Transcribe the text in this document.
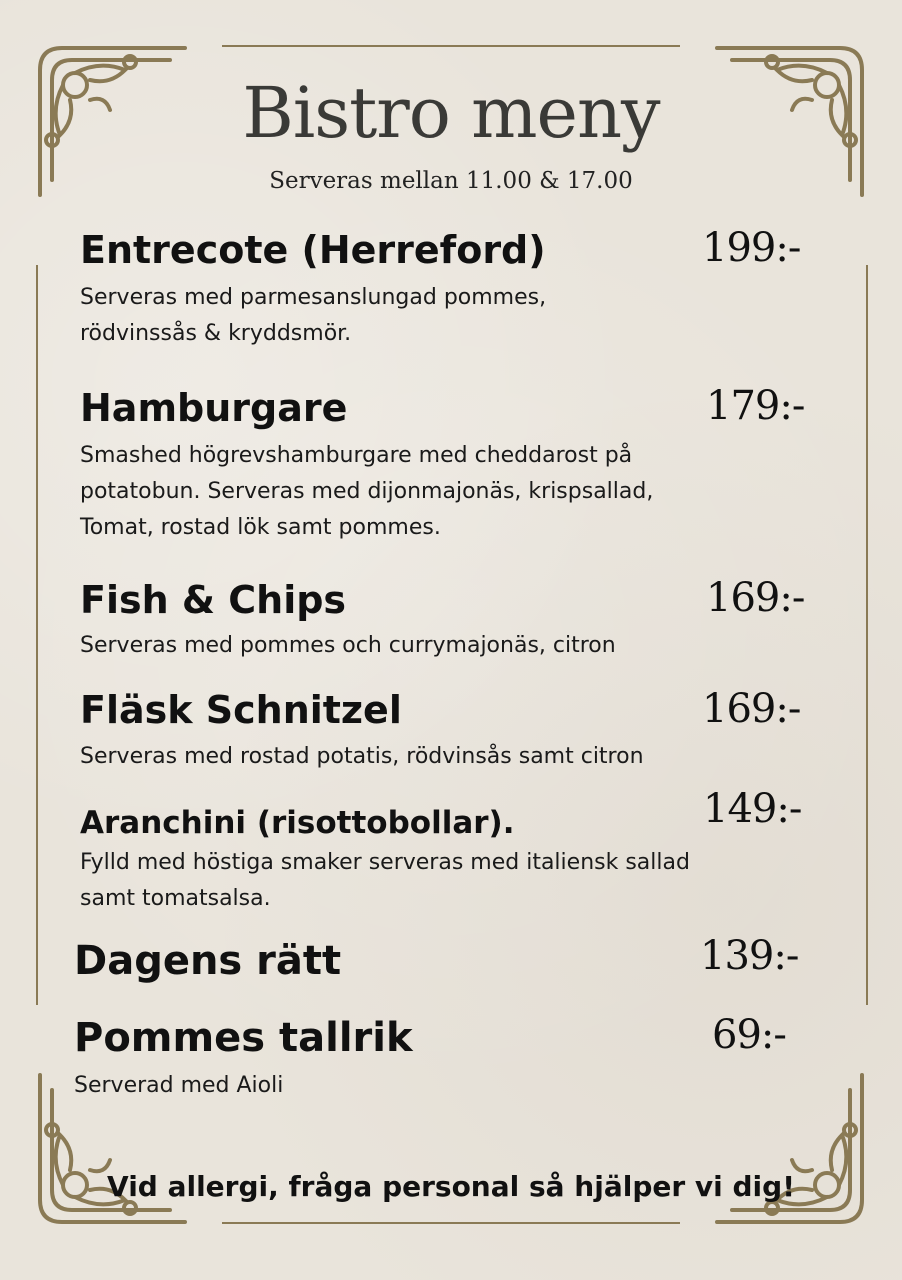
Bistro meny
Serveras mellan 11.00 & 17.00
Entrecote (Herreford)	199:-
Serveras med parmesanslungad pommes,
rödvinssås & kryddsmör.
Hamburgare	179:-
Smashed högrevshamburgare med cheddarost på
potatobun. Serveras med dijonmajonäs, krispsallad,
Tomat, rostad lök samt pommes.
Fish & Chips	169:-
Serveras med pommes och currymajonäs, citron
Fläsk Schnitzel	169:-
Serveras med rostad potatis, rödvinsås samt citron
Aranchini (risottobollar).	149:-
Fylld med höstiga smaker serveras med italiensk sallad
samt tomatsalsa.
Dagens rätt	139:-
Pommes tallrik	69:-
Serverad med Aioli
Vid allergi, fråga personal så hjälper vi dig!
